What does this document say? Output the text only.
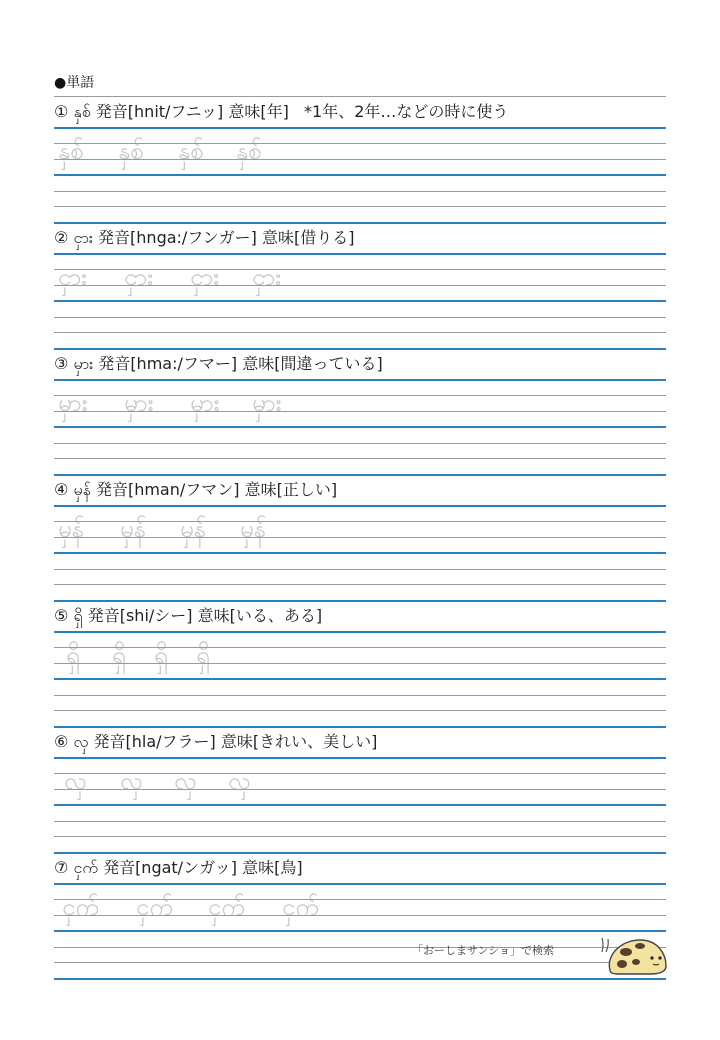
●単語
① နှစ် 発音[hnit/フニッ] 意味[年] *1年、2年…などの時に使う
နှစ် နှစ် နှစ် နှစ်
② ငှား 発音[hnga:/フンガー] 意味[借りる]
ငှား ငှား ငှား ငှား
③ မှား 発音[hma:/フマー] 意味[間違っている]
မှား မှား မှား မှား
④ မှန် 発音[hman/フマン] 意味[正しい]
မှန် မှန် မှန် မှန်
⑤ ရှိ 発音[shi/シー] 意味[いる、ある]
ရှိ ရှိ ရှိ ရှိ
⑥ လှ 発音[hla/フラー] 意味[きれい、美しい]
လှ လှ လှ လှ
⑦ ငှက် 発音[ngat/ンガッ] 意味[鳥]
ငှက် ငှက် ငှက် ငှက်
「おーしまサンショ」で検索
